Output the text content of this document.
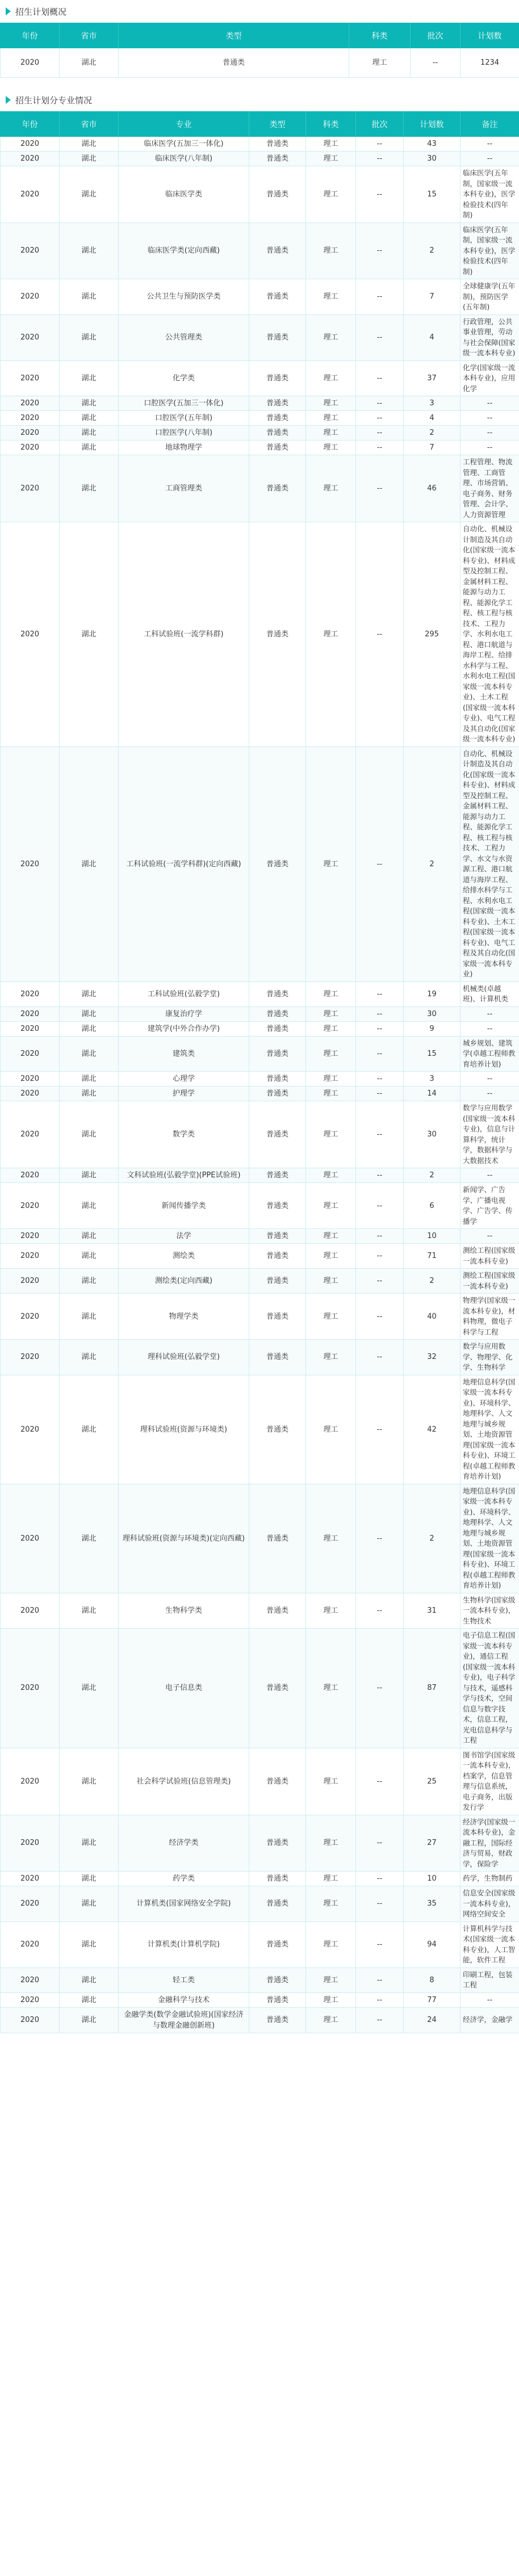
招生计划概况
年份	省市	类型	科类	批次	计划数
2020	湖北	普通类	理工	--	1234
招生计划分专业情况
年份	省市	专业	类型	科类	批次	计划数	备注
2020	湖北	临床医学(五加三一体化)	普通类	理工	--	43	--
2020	湖北	临床医学(八年制)	普通类	理工	--	30	--
2020	湖北	临床医学类	普通类	理工	--	15	临床医学(五年制，国家级一流本科专业)，医学检验技术(四年制)
2020	湖北	临床医学类(定向西藏)	普通类	理工	--	2	临床医学(五年制，国家级一流本科专业)，医学检验技术(四年制)
2020	湖北	公共卫生与预防医学类	普通类	理工	--	7	全球健康学(五年制)，预防医学(五年制)
2020	湖北	公共管理类	普通类	理工	--	4	行政管理，公共事业管理，劳动与社会保障(国家级一流本科专业)
2020	湖北	化学类	普通类	理工	--	37	化学(国家级一流本科专业)，应用化学
2020	湖北	口腔医学(五加三一体化)	普通类	理工	--	3	--
2020	湖北	口腔医学(五年制)	普通类	理工	--	4	--
2020	湖北	口腔医学(八年制)	普通类	理工	--	2	--
2020	湖北	地球物理学	普通类	理工	--	7	--
2020	湖北	工商管理类	普通类	理工	--	46	工程管理、物流管理、工商管理、市场营销、电子商务、财务管理、会计学、人力资源管理
2020	湖北	工科试验班(一流学科群)	普通类	理工	--	295	自动化、机械设计制造及其自动化(国家级一流本科专业)、材料成型及控制工程、金属材料工程、能源与动力工程、能源化学工程、核工程与核技术、工程力学、水利水电工程、港口航道与海岸工程、给排水科学与工程、水利水电工程(国家级一流本科专业)、土木工程(国家级一流本科专业)、电气工程及其自动化(国家级一流本科专业)
2020	湖北	工科试验班(一流学科群)(定向西藏)	普通类	理工	--	2	自动化、机械设计制造及其自动化(国家级一流本科专业)、材料成型及控制工程、金属材料工程、能源与动力工程、能源化学工程、核工程与核技术、工程力学、水文与水资源工程、港口航道与海岸工程、给排水科学与工程、水利水电工程(国家级一流本科专业)、土木工程(国家级一流本科专业)、电气工程及其自动化(国家级一流本科专业)
2020	湖北	工科试验班(弘毅学堂)	普通类	理工	--	19	机械类(卓越班)、计算机类
2020	湖北	康复治疗学	普通类	理工	--	30	--
2020	湖北	建筑学(中外合作办学)	普通类	理工	--	9	--
2020	湖北	建筑类	普通类	理工	--	15	城乡规划、建筑学(卓越工程师教育培养计划)
2020	湖北	心理学	普通类	理工	--	3	--
2020	湖北	护理学	普通类	理工	--	14	--
2020	湖北	数学类	普通类	理工	--	30	数学与应用数学(国家级一流本科专业)，信息与计算科学，统计学，数据科学与大数据技术
2020	湖北	文科试验班(弘毅学堂)(PPE试验班)	普通类	理工	--	2	--
2020	湖北	新闻传播学类	普通类	理工	--	6	新闻学、广告学、广播电视学、广告学、传播学
2020	湖北	法学	普通类	理工	--	10	--
2020	湖北	测绘类	普通类	理工	--	71	测绘工程(国家级一流本科专业)
2020	湖北	测绘类(定向西藏)	普通类	理工	--	2	测绘工程(国家级一流本科专业)
2020	湖北	物理学类	普通类	理工	--	40	物理学(国家级一流本科专业)，材料物理，微电子科学与工程
2020	湖北	理科试验班(弘毅学堂)	普通类	理工	--	32	数学与应用数学、物理学、化学、生物科学
2020	湖北	理科试验班(资源与环境类)	普通类	理工	--	42	地理信息科学(国家级一流本科专业)、环境科学、地理科学、人文地理与城乡规划、土地资源管理(国家级一流本科专业)、环境工程(卓越工程师教育培养计划)
2020	湖北	理科试验班(资源与环境类)(定向西藏)	普通类	理工	--	2	地理信息科学(国家级一流本科专业)、环境科学、地理科学、人文地理与城乡规划、土地资源管理(国家级一流本科专业)、环境工程(卓越工程师教育培养计划)
2020	湖北	生物科学类	普通类	理工	--	31	生物科学(国家级一流本科专业)，生物技术
2020	湖北	电子信息类	普通类	理工	--	87	电子信息工程(国家级一流本科专业)，通信工程(国家级一流本科专业)，电子科学与技术，遥感科学与技术，空间信息与数字技术，信息工程，光电信息科学与工程
2020	湖北	社会科学试验班(信息管理类)	普通类	理工	--	25	图书馆学(国家级一流本科专业)，档案学，信息管理与信息系统，电子商务，出版发行学
2020	湖北	经济学类	普通类	理工	--	27	经济学(国家级一流本科专业)，金融工程，国际经济与贸易，财政学，保险学
2020	湖北	药学类	普通类	理工	--	10	药学，生物制药
2020	湖北	计算机类(国家网络安全学院)	普通类	理工	--	35	信息安全(国家级一流本科专业)，网络空间安全
2020	湖北	计算机类(计算机学院)	普通类	理工	--	94	计算机科学与技术(国家级一流本科专业)，人工智能，软件工程
2020	湖北	轻工类	普通类	理工	--	8	印刷工程，包装工程
2020	湖北	金融科学与技术	普通类	理工	--	77	--
2020	湖北	金融学类(数学金融试验班)(国家经济与数理金融创新班)	普通类	理工	--	24	经济学，金融学
